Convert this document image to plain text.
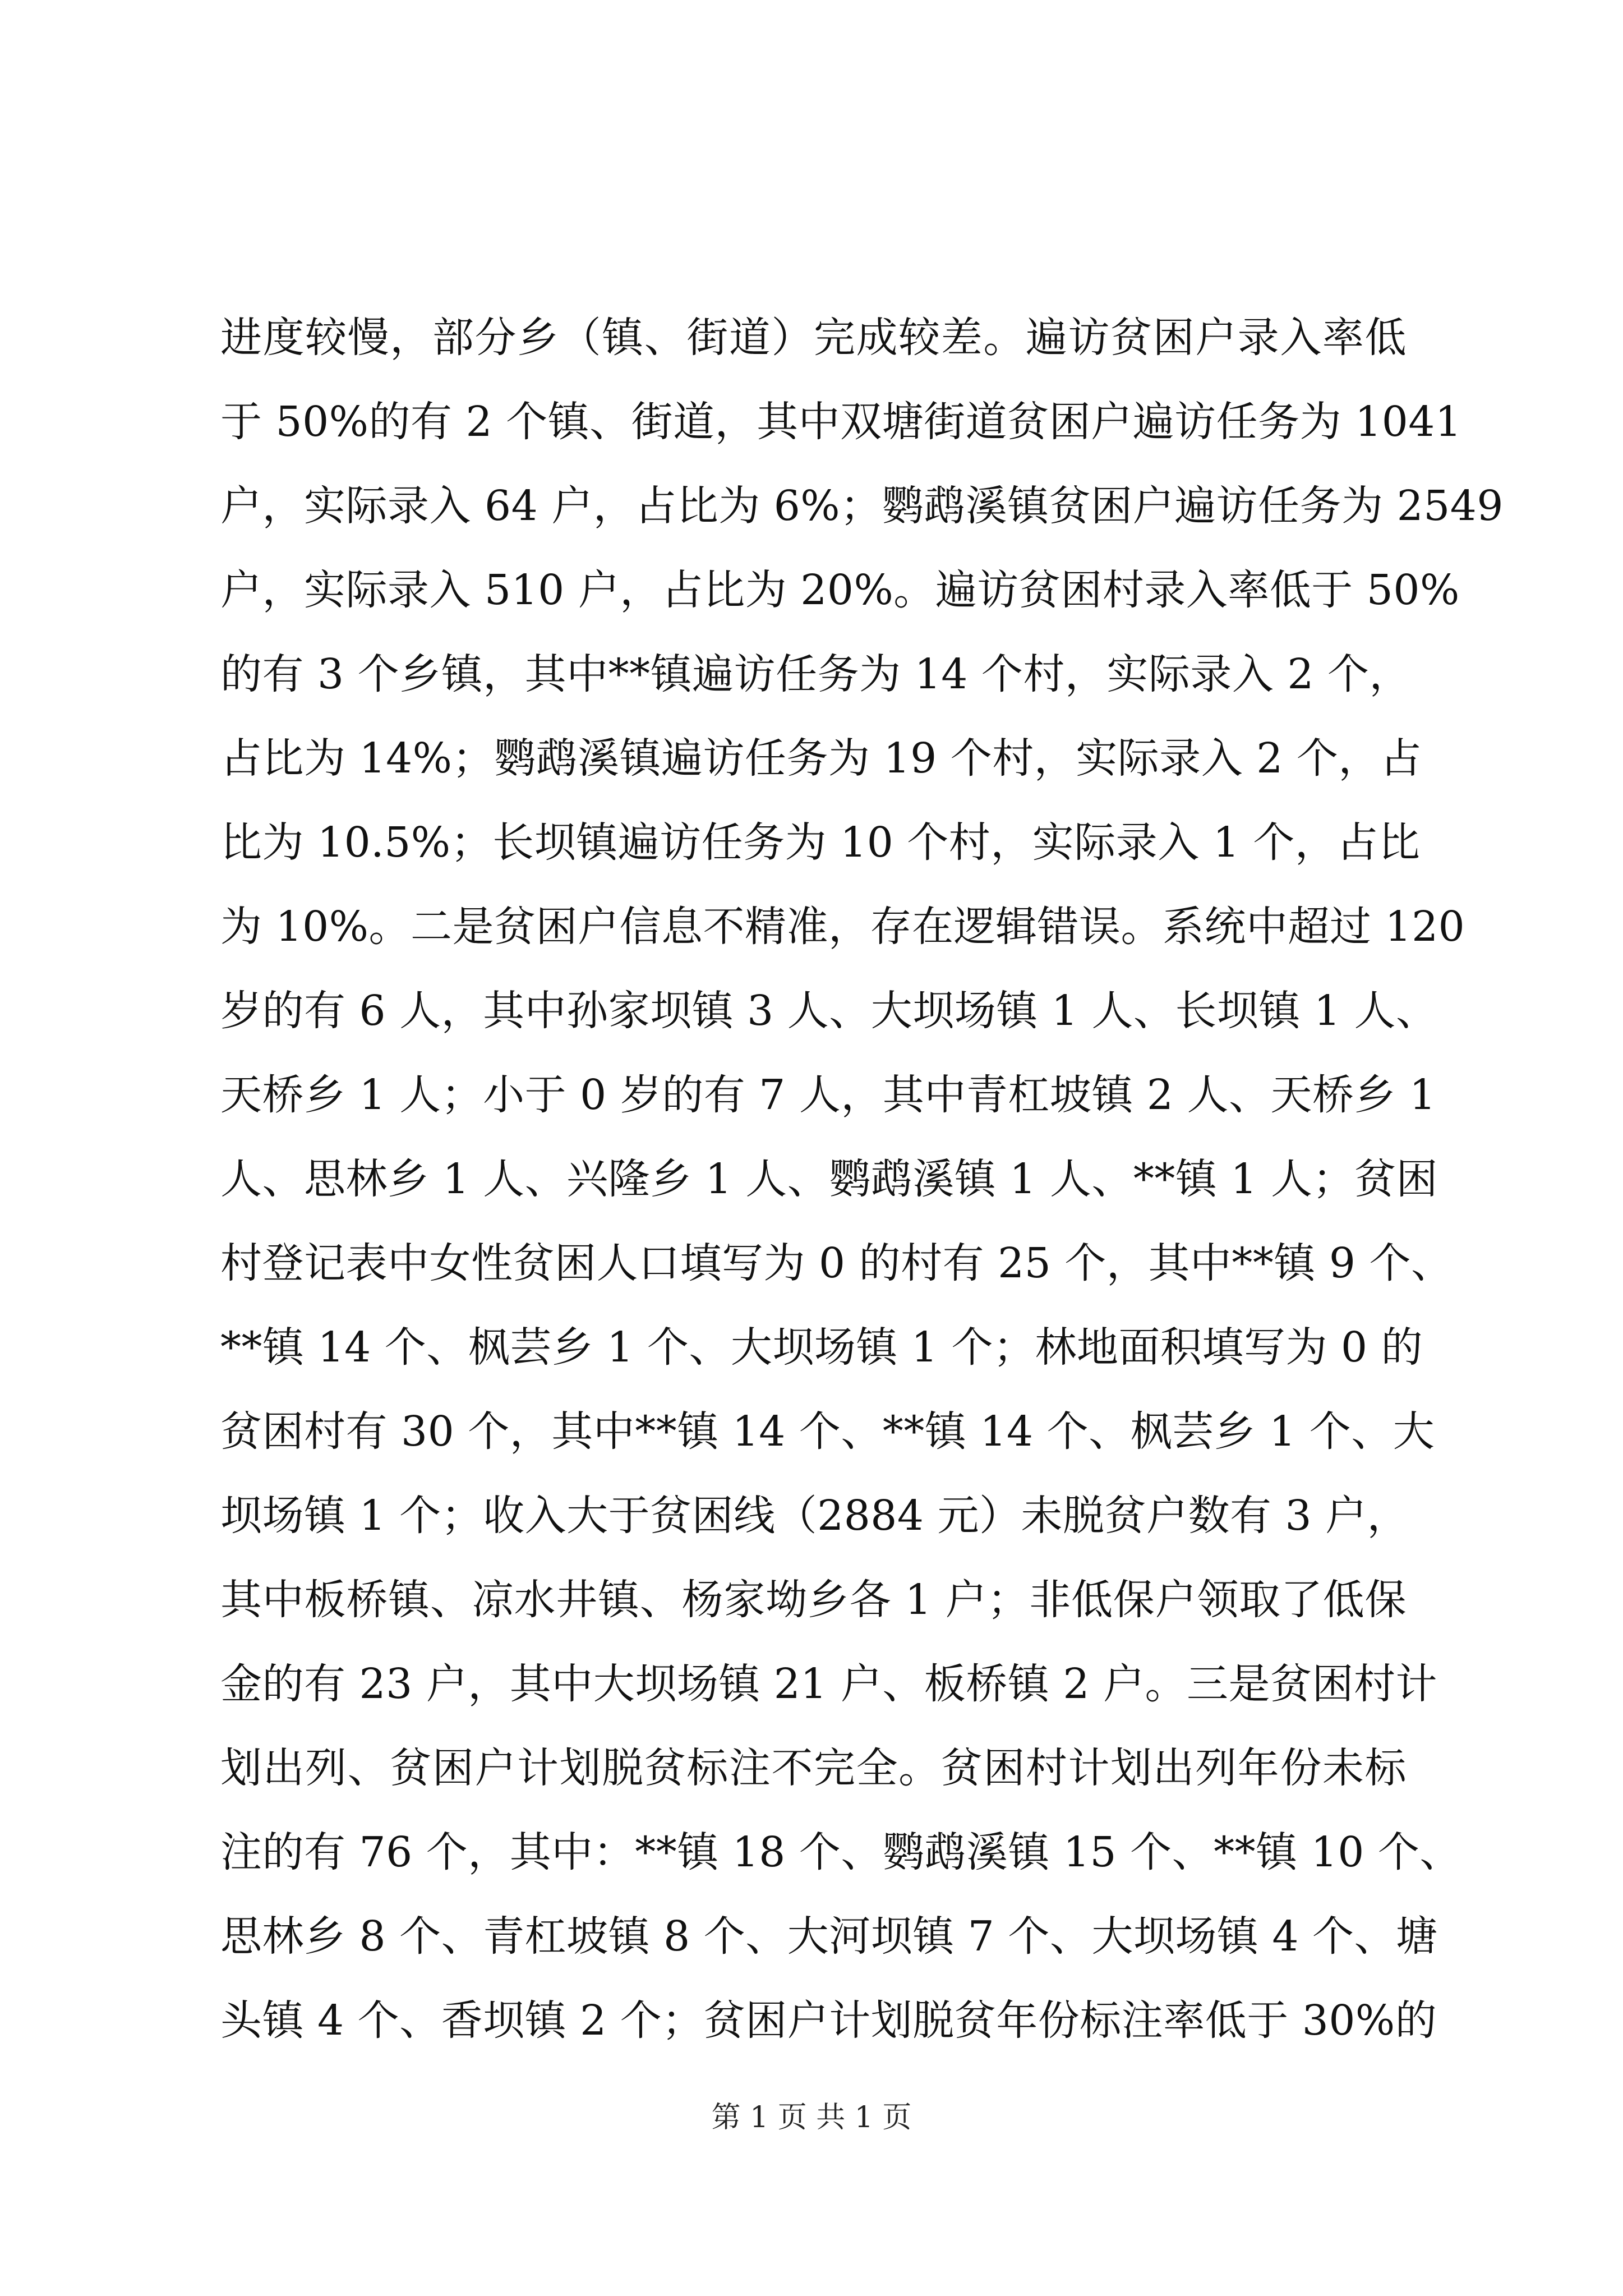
进度较慢，部分乡（镇、街道）完成较差。遍访贫困户录入率低
于 50%的有 2 个镇、街道，其中双塘街道贫困户遍访任务为 1041
户，实际录入 64 户，占比为 6%；鹦鹉溪镇贫困户遍访任务为 2549
户，实际录入 510 户，占比为 20%。遍访贫困村录入率低于 50%
的有 3 个乡镇，其中**镇遍访任务为 14 个村，实际录入 2 个，
占比为 14%；鹦鹉溪镇遍访任务为 19 个村，实际录入 2 个，占
比为 10.5%；长坝镇遍访任务为 10 个村，实际录入 1 个，占比
为 10%。二是贫困户信息不精准，存在逻辑错误。系统中超过 120
岁的有 6 人，其中孙家坝镇 3 人、大坝场镇 1 人、长坝镇 1 人、
天桥乡 1 人；小于 0 岁的有 7 人，其中青杠坡镇 2 人、天桥乡 1
人、思林乡 1 人、兴隆乡 1 人、鹦鹉溪镇 1 人、**镇 1 人；贫困
村登记表中女性贫困人口填写为 0 的村有 25 个，其中**镇 9 个、
**镇 14 个、枫芸乡 1 个、大坝场镇 1 个；林地面积填写为 0 的
贫困村有 30 个，其中**镇 14 个、**镇 14 个、枫芸乡 1 个、大
坝场镇 1 个；收入大于贫困线（2884 元）未脱贫户数有 3 户，
其中板桥镇、凉水井镇、杨家坳乡各 1 户；非低保户领取了低保
金的有 23 户，其中大坝场镇 21 户、板桥镇 2 户。三是贫困村计
划出列、贫困户计划脱贫标注不完全。贫困村计划出列年份未标
注的有 76 个，其中：**镇 18 个、鹦鹉溪镇 15 个、**镇 10 个、
思林乡 8 个、青杠坡镇 8 个、大河坝镇 7 个、大坝场镇 4 个、塘
头镇 4 个、香坝镇 2 个；贫困户计划脱贫年份标注率低于 30%的
第 1 页 共 1 页
